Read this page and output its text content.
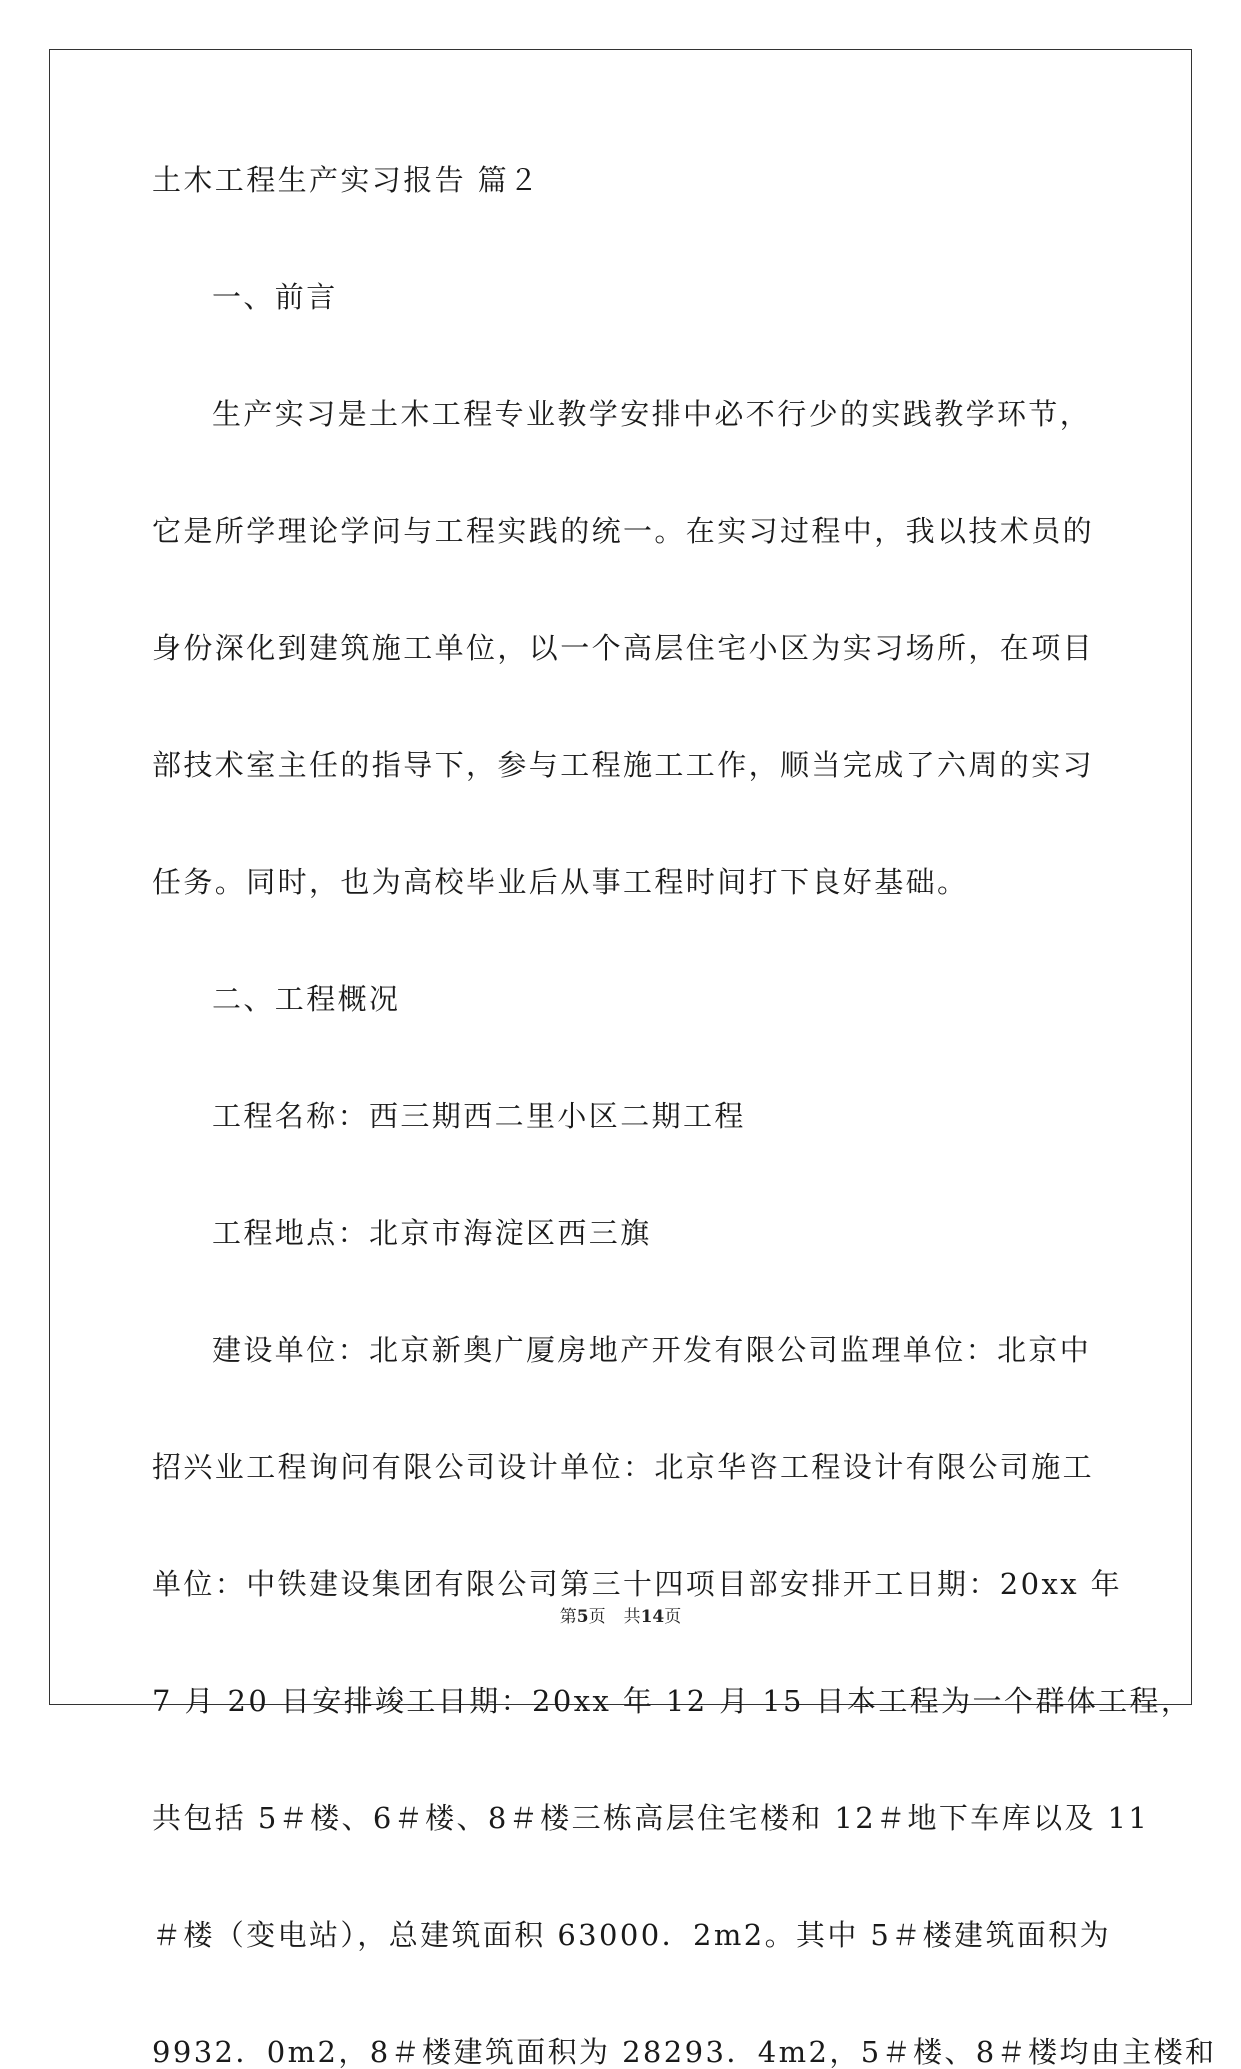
土木工程生产实习报告 篇２

一、前言

生产实习是土木工程专业教学安排中必不行少的实践教学环节，

它是所学理论学问与工程实践的统一。在实习过程中，我以技术员的

身份深化到建筑施工单位，以一个高层住宅小区为实习场所，在项目

部技术室主任的指导下，参与工程施工工作，顺当完成了六周的实习

任务。同时，也为高校毕业后从事工程时间打下良好基础。

二、工程概况

工程名称：西三期西二里小区二期工程

工程地点：北京市海淀区西三旗

建设单位：北京新奥广厦房地产开发有限公司监理单位：北京中

招兴业工程询问有限公司设计单位：北京华咨工程设计有限公司施工

单位：中铁建设集团有限公司第三十四项目部安排开工日期：20xx 年

7 月 20 日安排竣工日期：20xx 年 12 月 15 日本工程为一个群体工程，

共包括 5＃楼、6＃楼、8＃楼三栋高层住宅楼和 12＃地下车库以及 11

＃楼（变电站），总建筑面积 63000．2m2。其中 5＃楼建筑面积为

9932．0m2，8＃楼建筑面积为 28293．4m2，5＃楼、8＃楼均由主楼和

第5页 共14页
